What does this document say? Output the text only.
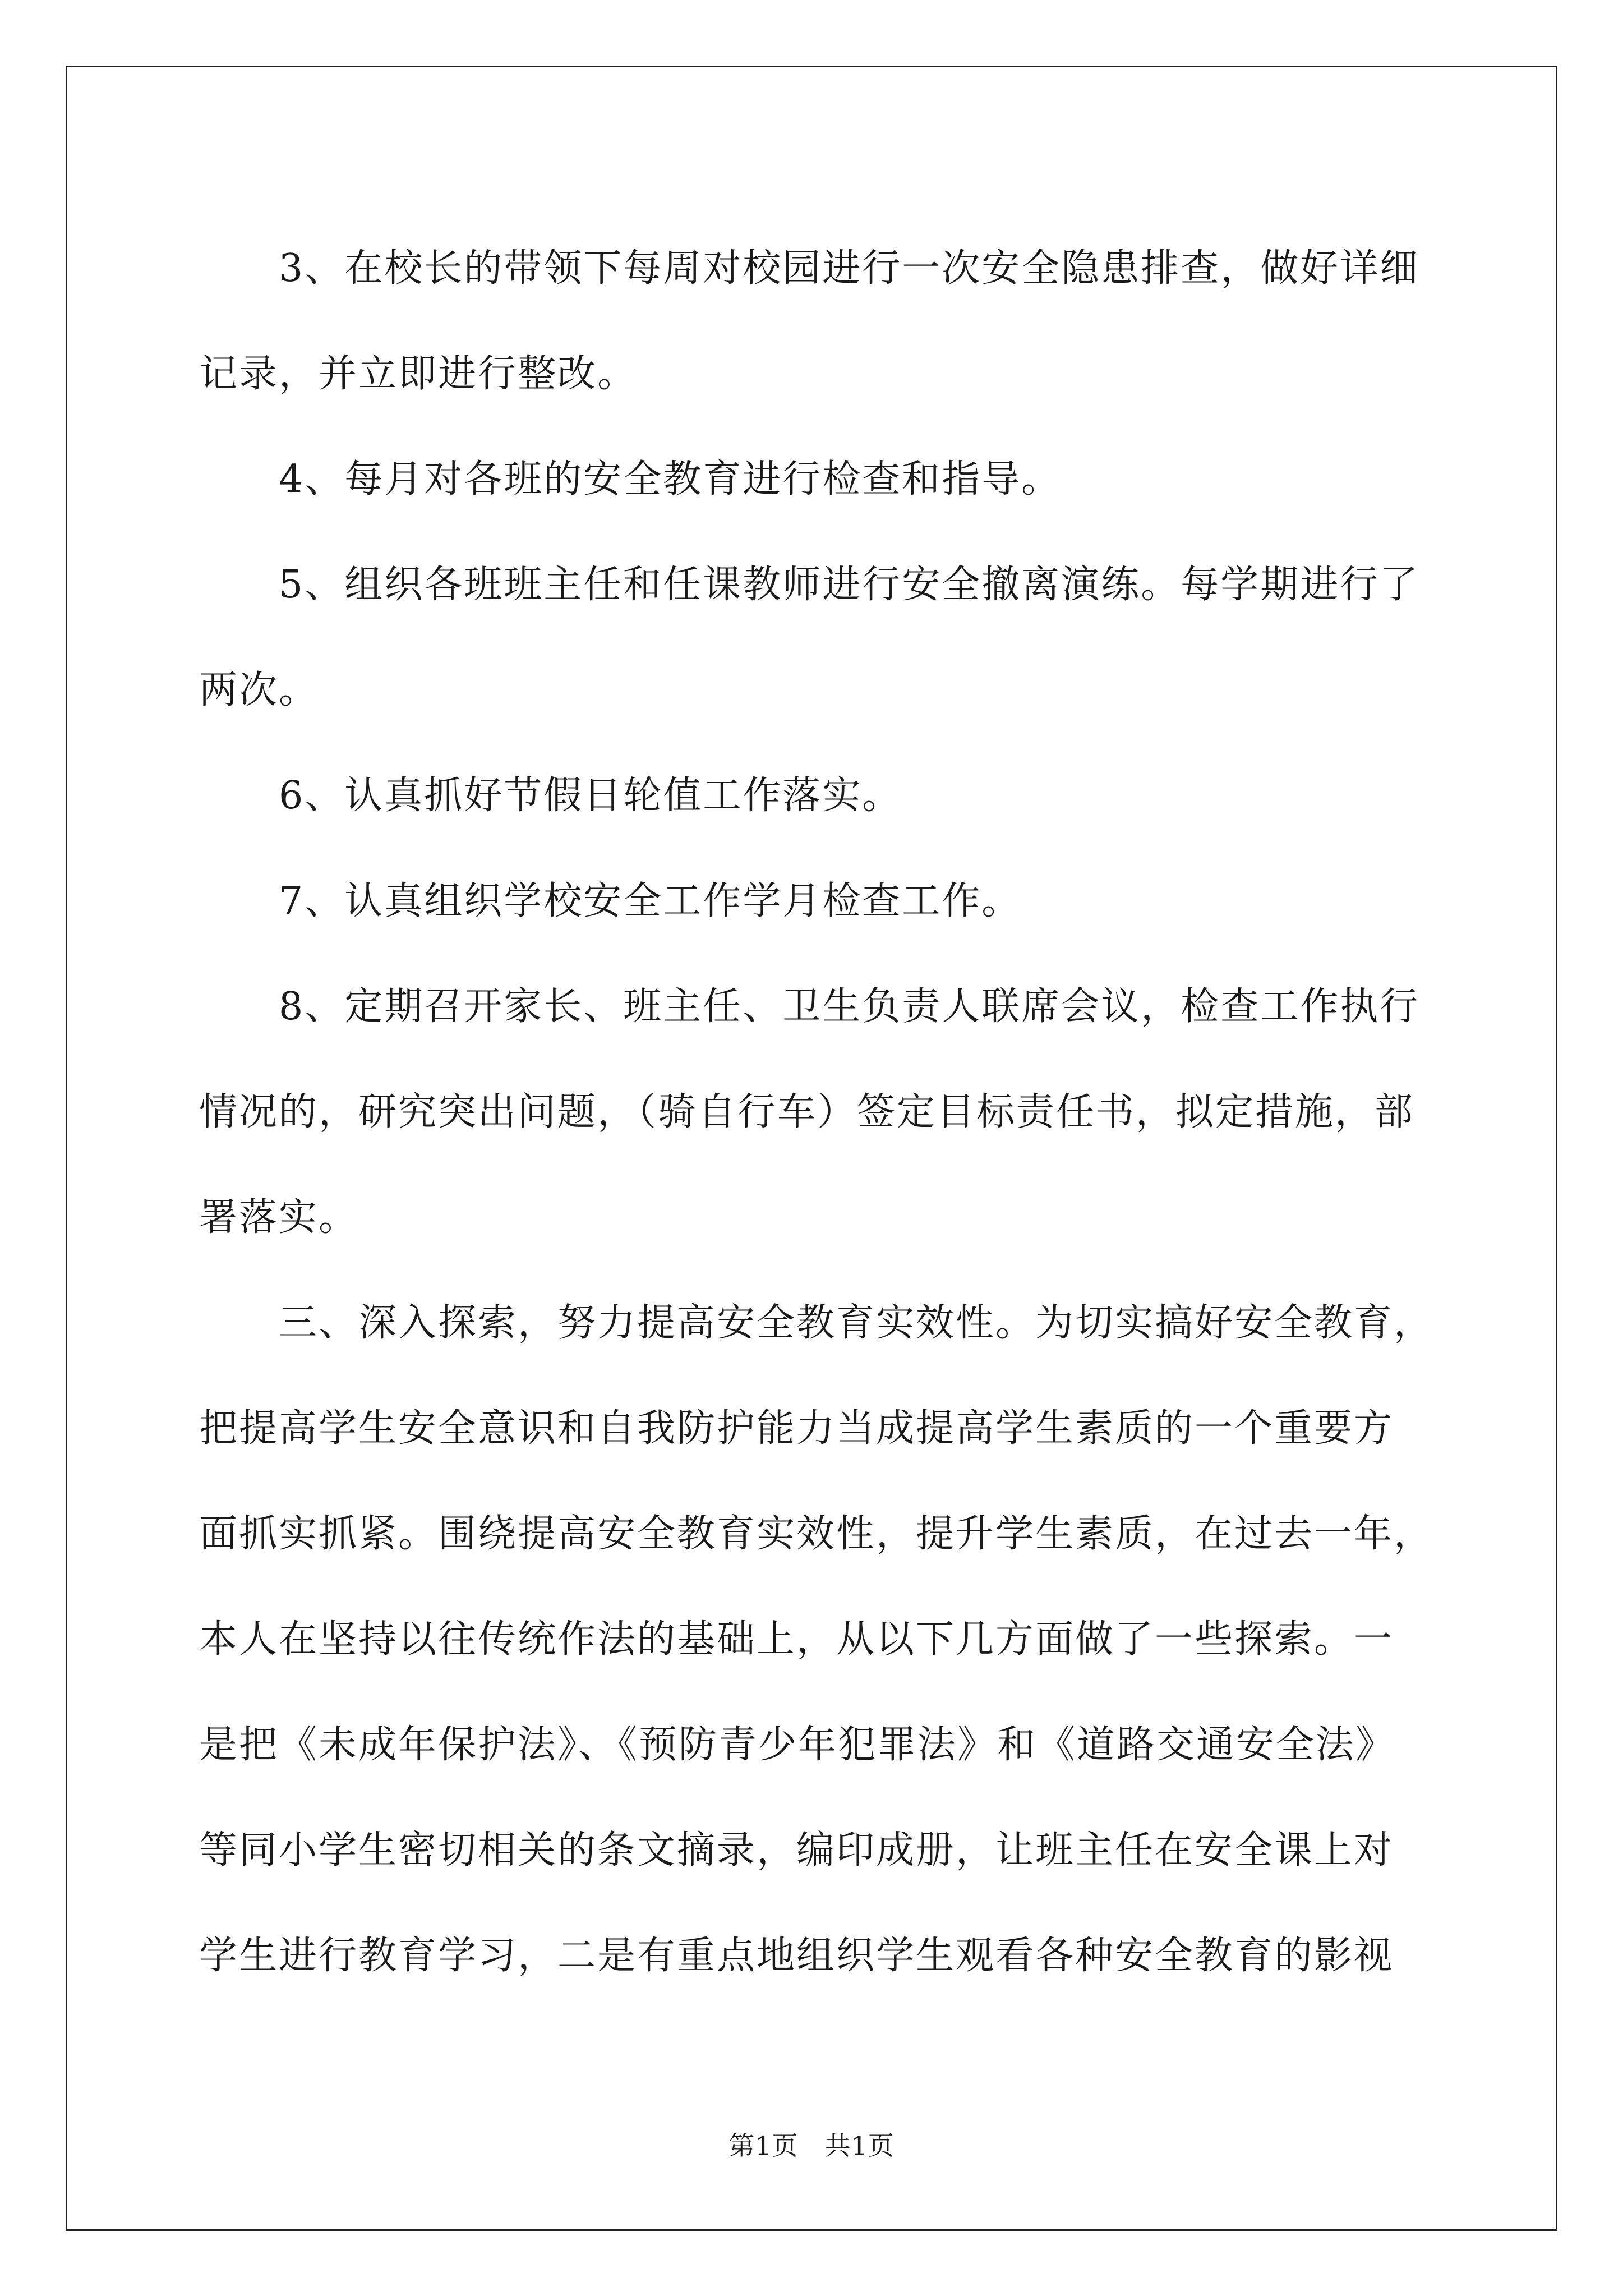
　　3、在校长的带领下每周对校园进行一次安全隐患排查，做好详细
记录，并立即进行整改。
　　4、每月对各班的安全教育进行检查和指导。
　　5、组织各班班主任和任课教师进行安全撤离演练。每学期进行了
两次。
　　6、认真抓好节假日轮值工作落实。
　　7、认真组织学校安全工作学月检查工作。
　　8、定期召开家长、班主任、卫生负责人联席会议，检查工作执行
情况的，研究突出问题，（骑自行车）签定目标责任书，拟定措施，部
署落实。
　　三、深入探索，努力提高安全教育实效性。为切实搞好安全教育，
把提高学生安全意识和自我防护能力当成提高学生素质的一个重要方
面抓实抓紧。围绕提高安全教育实效性，提升学生素质，在过去一年，
本人在坚持以往传统作法的基础上，从以下几方面做了一些探索。一
是把《未成年保护法》、《预防青少年犯罪法》和《道路交通安全法》
等同小学生密切相关的条文摘录，编印成册，让班主任在安全课上对
学生进行教育学习，二是有重点地组织学生观看各种安全教育的影视
第1页　共1页
